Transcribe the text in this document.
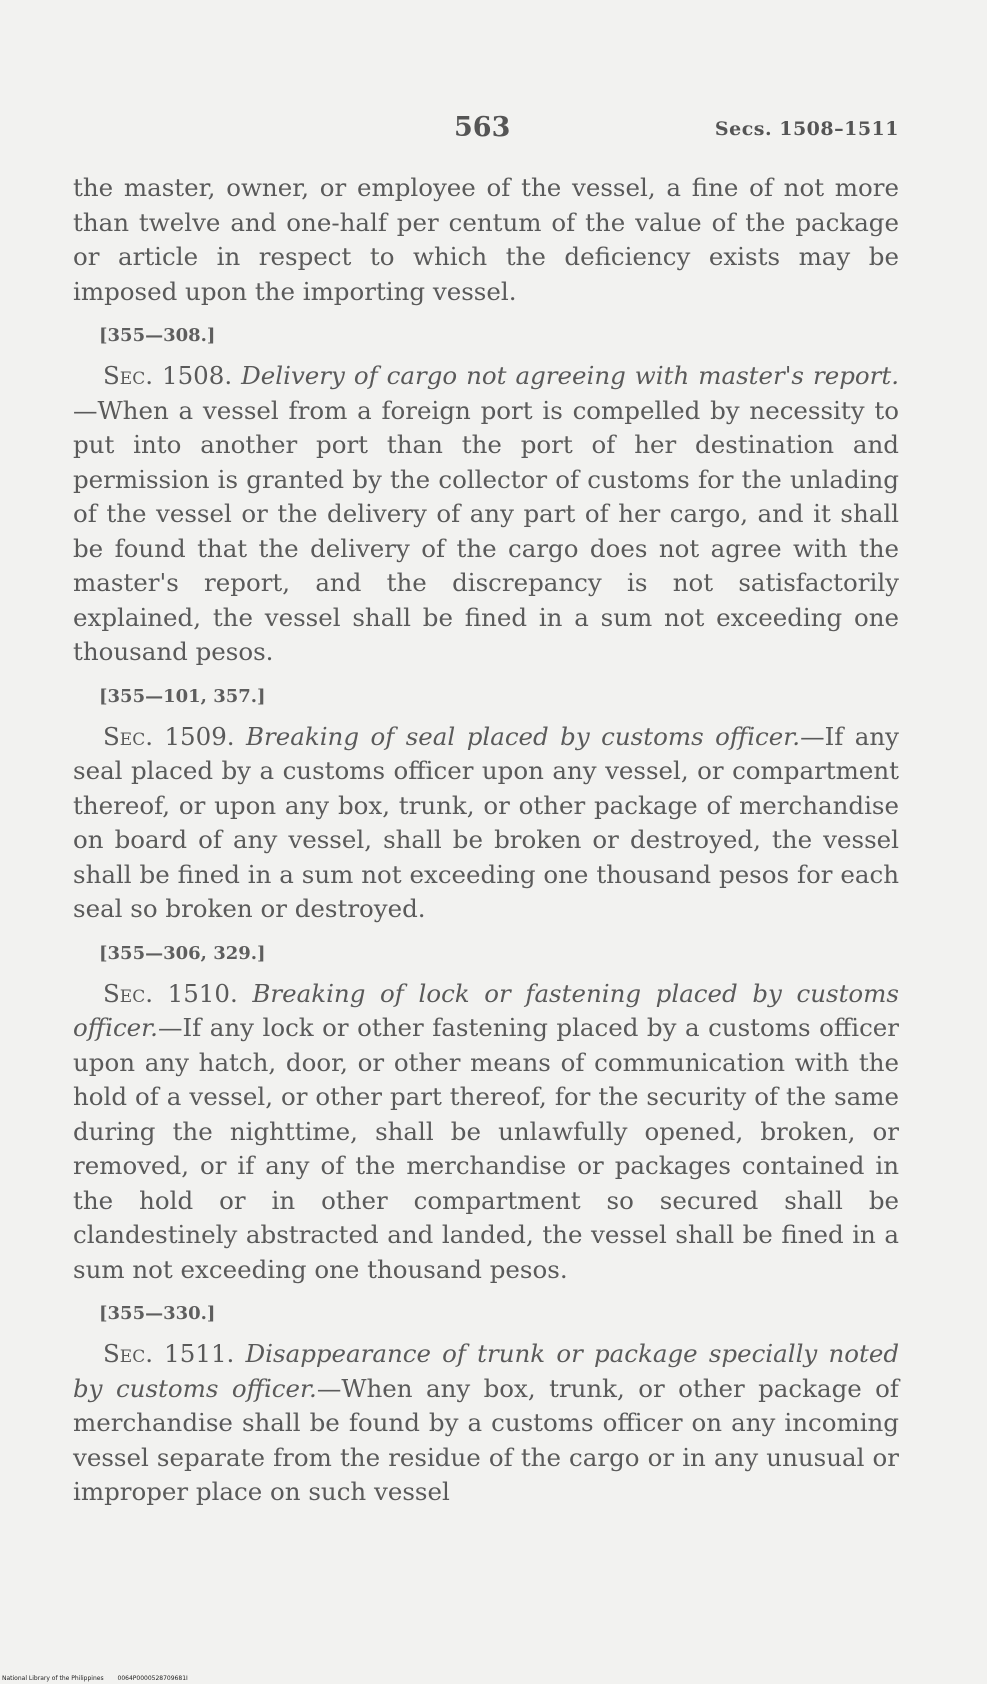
563	Secs. 1508–1511

the master, owner, or employee of the vessel, a fine of not more than twelve and one-half per centum of the value of the package or article in respect to which the deficiency exists may be imposed upon the importing vessel.

[355—308.]

Sec. 1508. Delivery of cargo not agreeing with master's report.—When a vessel from a foreign port is compelled by necessity to put into another port than the port of her destination and permission is granted by the collector of customs for the unlading of the vessel or the delivery of any part of her cargo, and it shall be found that the delivery of the cargo does not agree with the master's report, and the discrepancy is not satisfactorily explained, the vessel shall be fined in a sum not exceeding one thousand pesos.

[355—101, 357.]

Sec. 1509. Breaking of seal placed by customs officer.—If any seal placed by a customs officer upon any vessel, or compartment thereof, or upon any box, trunk, or other package of merchandise on board of any vessel, shall be broken or destroyed, the vessel shall be fined in a sum not exceeding one thousand pesos for each seal so broken or destroyed.

[355—306, 329.]

Sec. 1510. Breaking of lock or fastening placed by customs officer.—If any lock or other fastening placed by a customs officer upon any hatch, door, or other means of communication with the hold of a vessel, or other part thereof, for the security of the same during the nighttime, shall be unlawfully opened, broken, or removed, or if any of the merchandise or packages contained in the hold or in other compartment so secured shall be clandestinely abstracted and landed, the vessel shall be fined in a sum not exceeding one thousand pesos.

[355—330.]

Sec. 1511. Disappearance of trunk or package specially noted by customs officer.—When any box, trunk, or other package of merchandise shall be found by a customs officer on any incoming vessel separate from the residue of the cargo or in any unusual or improper place on such vessel

National Library of the Philippines 0064P0000528709681I
